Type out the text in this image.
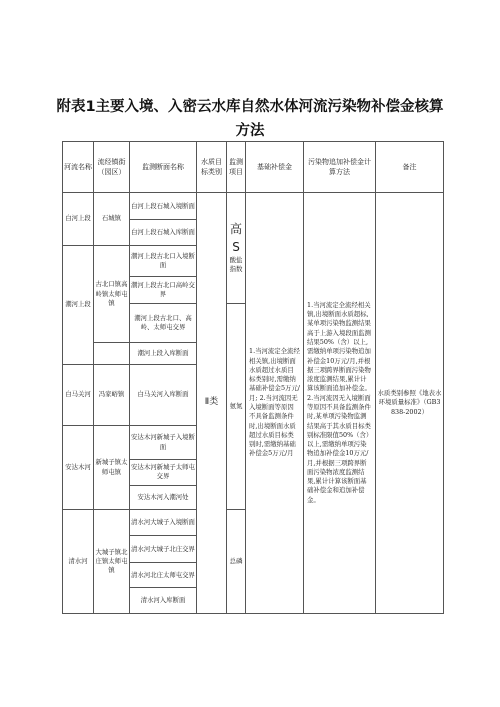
附表1主要入境、入密云水库自然水体河流污染物补偿金核算
方法
河流名称	流经镇街（园区）	监测断面名称	水质目标类别	监测项目	基础补偿金	污染物追加补偿金计算方法	备注
白河上段	石城镇	白河上段石城入境断面	Ⅱ类	高S
酸盐指数	1.当河流定全流经相关镇,出境断面水质超过水质目标类别时,需缴纳基础补偿金5万元/月; 2.当河流因无入境断面等原因不具备监测条件时,出境断面水质超过水质目标类别时,需缴纳基础补偿金5万元/月	1.当河流定全流经相关镇,出境断面水质超标,某单项污染物监测结果高于上游入境段面监测结果50%（含）以上,需缴纳单项污染物追加补偿金10万元/月,并根据三项跨界断面污染物浓度监测结果,累计计算该断面追加补偿金。 2.当河流因无入境断面等原因不具备监测条件时,某单项污染物监测结果高于其水质目标类别标准限值50%（含）以上,需缴纳单项污染物追加补偿金10万元/月,并根据三项跨界断面污染物浓度监测结果,累计计算该断面基础补偿金和追加补偿金。	水质类别参照《地表水环境质量标准》（GB3838-2002）
		白河上段石城入库断面					
潮河上段	古北口镇高岭镇太师屯镇	潮河上段古北口入境断面					
		潮河上段古北口高岭交界					
		潮河上段古北口、高岭、太师屯交界		氨氮			
		潮河上段入库断面					
白马关河	冯家峪镇	白马关河入库断面					
安达木河	新城子镇太师屯镇	安达木河新城子入境断面					
		安达木河新城子太师屯交界					
		安达木河入潮河处					
清水河	大城子镇北庄镇太师屯镇	清水河大城子入境断面		总磷			
		清水河大城子北庄交界					
		清水河北庄太师屯交界					
		清水河入库断面					
